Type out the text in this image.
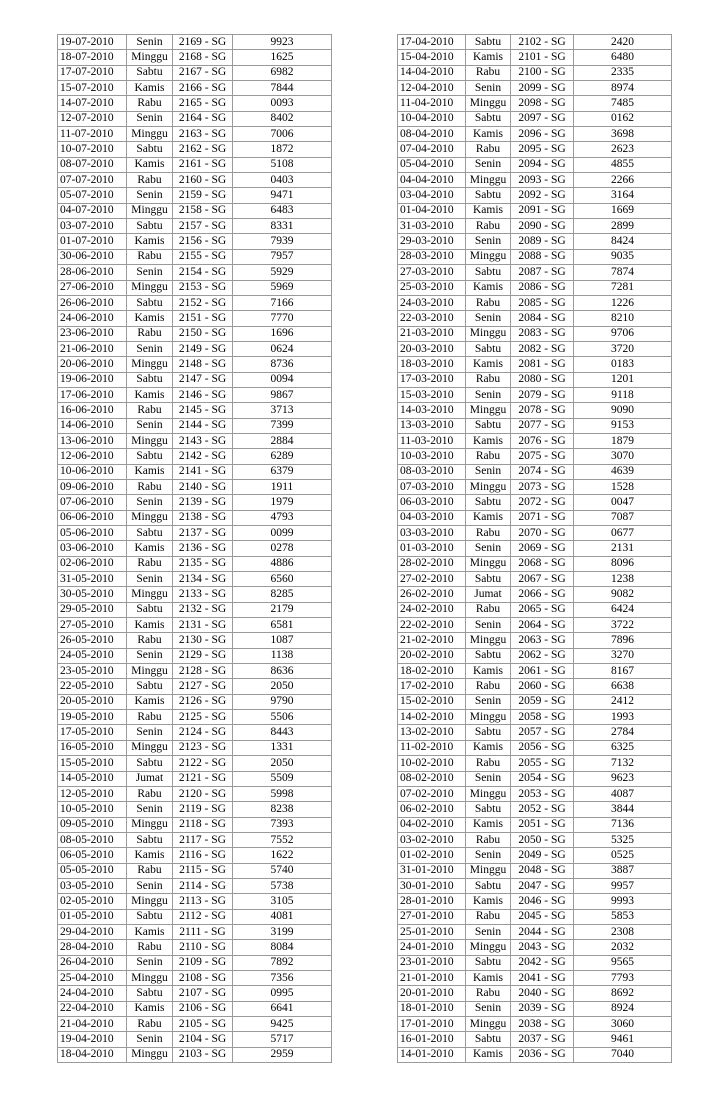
19-07-2010	Senin	2169 - SG	9923
18-07-2010	Minggu	2168 - SG	1625
17-07-2010	Sabtu	2167 - SG	6982
15-07-2010	Kamis	2166 - SG	7844
14-07-2010	Rabu	2165 - SG	0093
12-07-2010	Senin	2164 - SG	8402
11-07-2010	Minggu	2163 - SG	7006
10-07-2010	Sabtu	2162 - SG	1872
08-07-2010	Kamis	2161 - SG	5108
07-07-2010	Rabu	2160 - SG	0403
05-07-2010	Senin	2159 - SG	9471
04-07-2010	Minggu	2158 - SG	6483
03-07-2010	Sabtu	2157 - SG	8331
01-07-2010	Kamis	2156 - SG	7939
30-06-2010	Rabu	2155 - SG	7957
28-06-2010	Senin	2154 - SG	5929
27-06-2010	Minggu	2153 - SG	5969
26-06-2010	Sabtu	2152 - SG	7166
24-06-2010	Kamis	2151 - SG	7770
23-06-2010	Rabu	2150 - SG	1696
21-06-2010	Senin	2149 - SG	0624
20-06-2010	Minggu	2148 - SG	8736
19-06-2010	Sabtu	2147 - SG	0094
17-06-2010	Kamis	2146 - SG	9867
16-06-2010	Rabu	2145 - SG	3713
14-06-2010	Senin	2144 - SG	7399
13-06-2010	Minggu	2143 - SG	2884
12-06-2010	Sabtu	2142 - SG	6289
10-06-2010	Kamis	2141 - SG	6379
09-06-2010	Rabu	2140 - SG	1911
07-06-2010	Senin	2139 - SG	1979
06-06-2010	Minggu	2138 - SG	4793
05-06-2010	Sabtu	2137 - SG	0099
03-06-2010	Kamis	2136 - SG	0278
02-06-2010	Rabu	2135 - SG	4886
31-05-2010	Senin	2134 - SG	6560
30-05-2010	Minggu	2133 - SG	8285
29-05-2010	Sabtu	2132 - SG	2179
27-05-2010	Kamis	2131 - SG	6581
26-05-2010	Rabu	2130 - SG	1087
24-05-2010	Senin	2129 - SG	1138
23-05-2010	Minggu	2128 - SG	8636
22-05-2010	Sabtu	2127 - SG	2050
20-05-2010	Kamis	2126 - SG	9790
19-05-2010	Rabu	2125 - SG	5506
17-05-2010	Senin	2124 - SG	8443
16-05-2010	Minggu	2123 - SG	1331
15-05-2010	Sabtu	2122 - SG	2050
14-05-2010	Jumat	2121 - SG	5509
12-05-2010	Rabu	2120 - SG	5998
10-05-2010	Senin	2119 - SG	8238
09-05-2010	Minggu	2118 - SG	7393
08-05-2010	Sabtu	2117 - SG	7552
06-05-2010	Kamis	2116 - SG	1622
05-05-2010	Rabu	2115 - SG	5740
03-05-2010	Senin	2114 - SG	5738
02-05-2010	Minggu	2113 - SG	3105
01-05-2010	Sabtu	2112 - SG	4081
29-04-2010	Kamis	2111 - SG	3199
28-04-2010	Rabu	2110 - SG	8084
26-04-2010	Senin	2109 - SG	7892
25-04-2010	Minggu	2108 - SG	7356
24-04-2010	Sabtu	2107 - SG	0995
22-04-2010	Kamis	2106 - SG	6641
21-04-2010	Rabu	2105 - SG	9425
19-04-2010	Senin	2104 - SG	5717
18-04-2010	Minggu	2103 - SG	2959
17-04-2010	Sabtu	2102 - SG	2420
15-04-2010	Kamis	2101 - SG	6480
14-04-2010	Rabu	2100 - SG	2335
12-04-2010	Senin	2099 - SG	8974
11-04-2010	Minggu	2098 - SG	7485
10-04-2010	Sabtu	2097 - SG	0162
08-04-2010	Kamis	2096 - SG	3698
07-04-2010	Rabu	2095 - SG	2623
05-04-2010	Senin	2094 - SG	4855
04-04-2010	Minggu	2093 - SG	2266
03-04-2010	Sabtu	2092 - SG	3164
01-04-2010	Kamis	2091 - SG	1669
31-03-2010	Rabu	2090 - SG	2899
29-03-2010	Senin	2089 - SG	8424
28-03-2010	Minggu	2088 - SG	9035
27-03-2010	Sabtu	2087 - SG	7874
25-03-2010	Kamis	2086 - SG	7281
24-03-2010	Rabu	2085 - SG	1226
22-03-2010	Senin	2084 - SG	8210
21-03-2010	Minggu	2083 - SG	9706
20-03-2010	Sabtu	2082 - SG	3720
18-03-2010	Kamis	2081 - SG	0183
17-03-2010	Rabu	2080 - SG	1201
15-03-2010	Senin	2079 - SG	9118
14-03-2010	Minggu	2078 - SG	9090
13-03-2010	Sabtu	2077 - SG	9153
11-03-2010	Kamis	2076 - SG	1879
10-03-2010	Rabu	2075 - SG	3070
08-03-2010	Senin	2074 - SG	4639
07-03-2010	Minggu	2073 - SG	1528
06-03-2010	Sabtu	2072 - SG	0047
04-03-2010	Kamis	2071 - SG	7087
03-03-2010	Rabu	2070 - SG	0677
01-03-2010	Senin	2069 - SG	2131
28-02-2010	Minggu	2068 - SG	8096
27-02-2010	Sabtu	2067 - SG	1238
26-02-2010	Jumat	2066 - SG	9082
24-02-2010	Rabu	2065 - SG	6424
22-02-2010	Senin	2064 - SG	3722
21-02-2010	Minggu	2063 - SG	7896
20-02-2010	Sabtu	2062 - SG	3270
18-02-2010	Kamis	2061 - SG	8167
17-02-2010	Rabu	2060 - SG	6638
15-02-2010	Senin	2059 - SG	2412
14-02-2010	Minggu	2058 - SG	1993
13-02-2010	Sabtu	2057 - SG	2784
11-02-2010	Kamis	2056 - SG	6325
10-02-2010	Rabu	2055 - SG	7132
08-02-2010	Senin	2054 - SG	9623
07-02-2010	Minggu	2053 - SG	4087
06-02-2010	Sabtu	2052 - SG	3844
04-02-2010	Kamis	2051 - SG	7136
03-02-2010	Rabu	2050 - SG	5325
01-02-2010	Senin	2049 - SG	0525
31-01-2010	Minggu	2048 - SG	3887
30-01-2010	Sabtu	2047 - SG	9957
28-01-2010	Kamis	2046 - SG	9993
27-01-2010	Rabu	2045 - SG	5853
25-01-2010	Senin	2044 - SG	2308
24-01-2010	Minggu	2043 - SG	2032
23-01-2010	Sabtu	2042 - SG	9565
21-01-2010	Kamis	2041 - SG	7793
20-01-2010	Rabu	2040 - SG	8692
18-01-2010	Senin	2039 - SG	8924
17-01-2010	Minggu	2038 - SG	3060
16-01-2010	Sabtu	2037 - SG	9461
14-01-2010	Kamis	2036 - SG	7040
